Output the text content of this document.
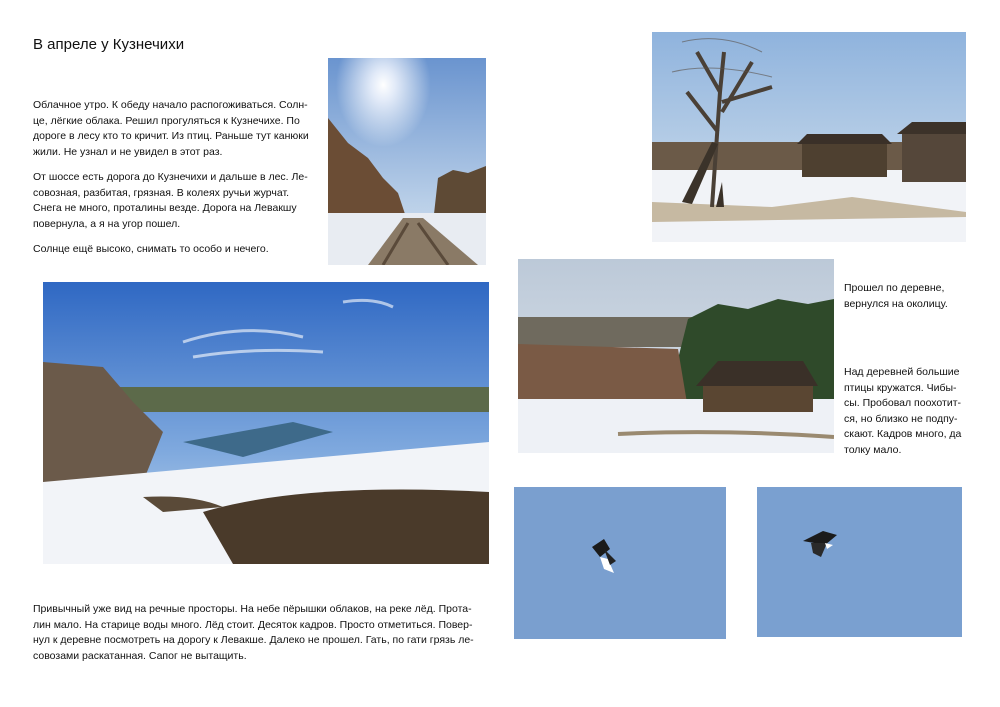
В апреле у Кузнечихи

Облачное утро. К обеду начало распогоживаться. Солн-
це, лёгкие облака. Решил прогуляться к Кузнечихе. По
дороге в лесу кто то кричит. Из птиц. Раньше тут канюки
жили. Не узнал и не увидел в этот раз.

От шоссе есть дорога до Кузнечихи и дальше в лес. Ле-
совозная, разбитая, грязная. В колеях ручьи журчат.
Снега не много, проталины везде. Дорога на Левакшу
повернула, а я на угор пошел.

Солнце ещё высоко, снимать то особо и нечего.

Прошел по деревне,
вернулся на околицу.

Над деревней большие
птицы кружатся. Чибы-
сы. Пробовал поохотит-
ся, но близко не подпу-
скают. Кадров много, да
толку мало.

Привычный уже вид на речные просторы. На небе пёрышки облаков, на реке лёд. Прота-
лин мало. На старице воды много. Лёд стоит. Десяток кадров. Просто отметиться. Повер-
нул к деревне посмотреть на дорогу к Левакше. Далеко не прошел. Гать, по гати грязь ле-
совозами раскатанная. Сапог не вытащить.
